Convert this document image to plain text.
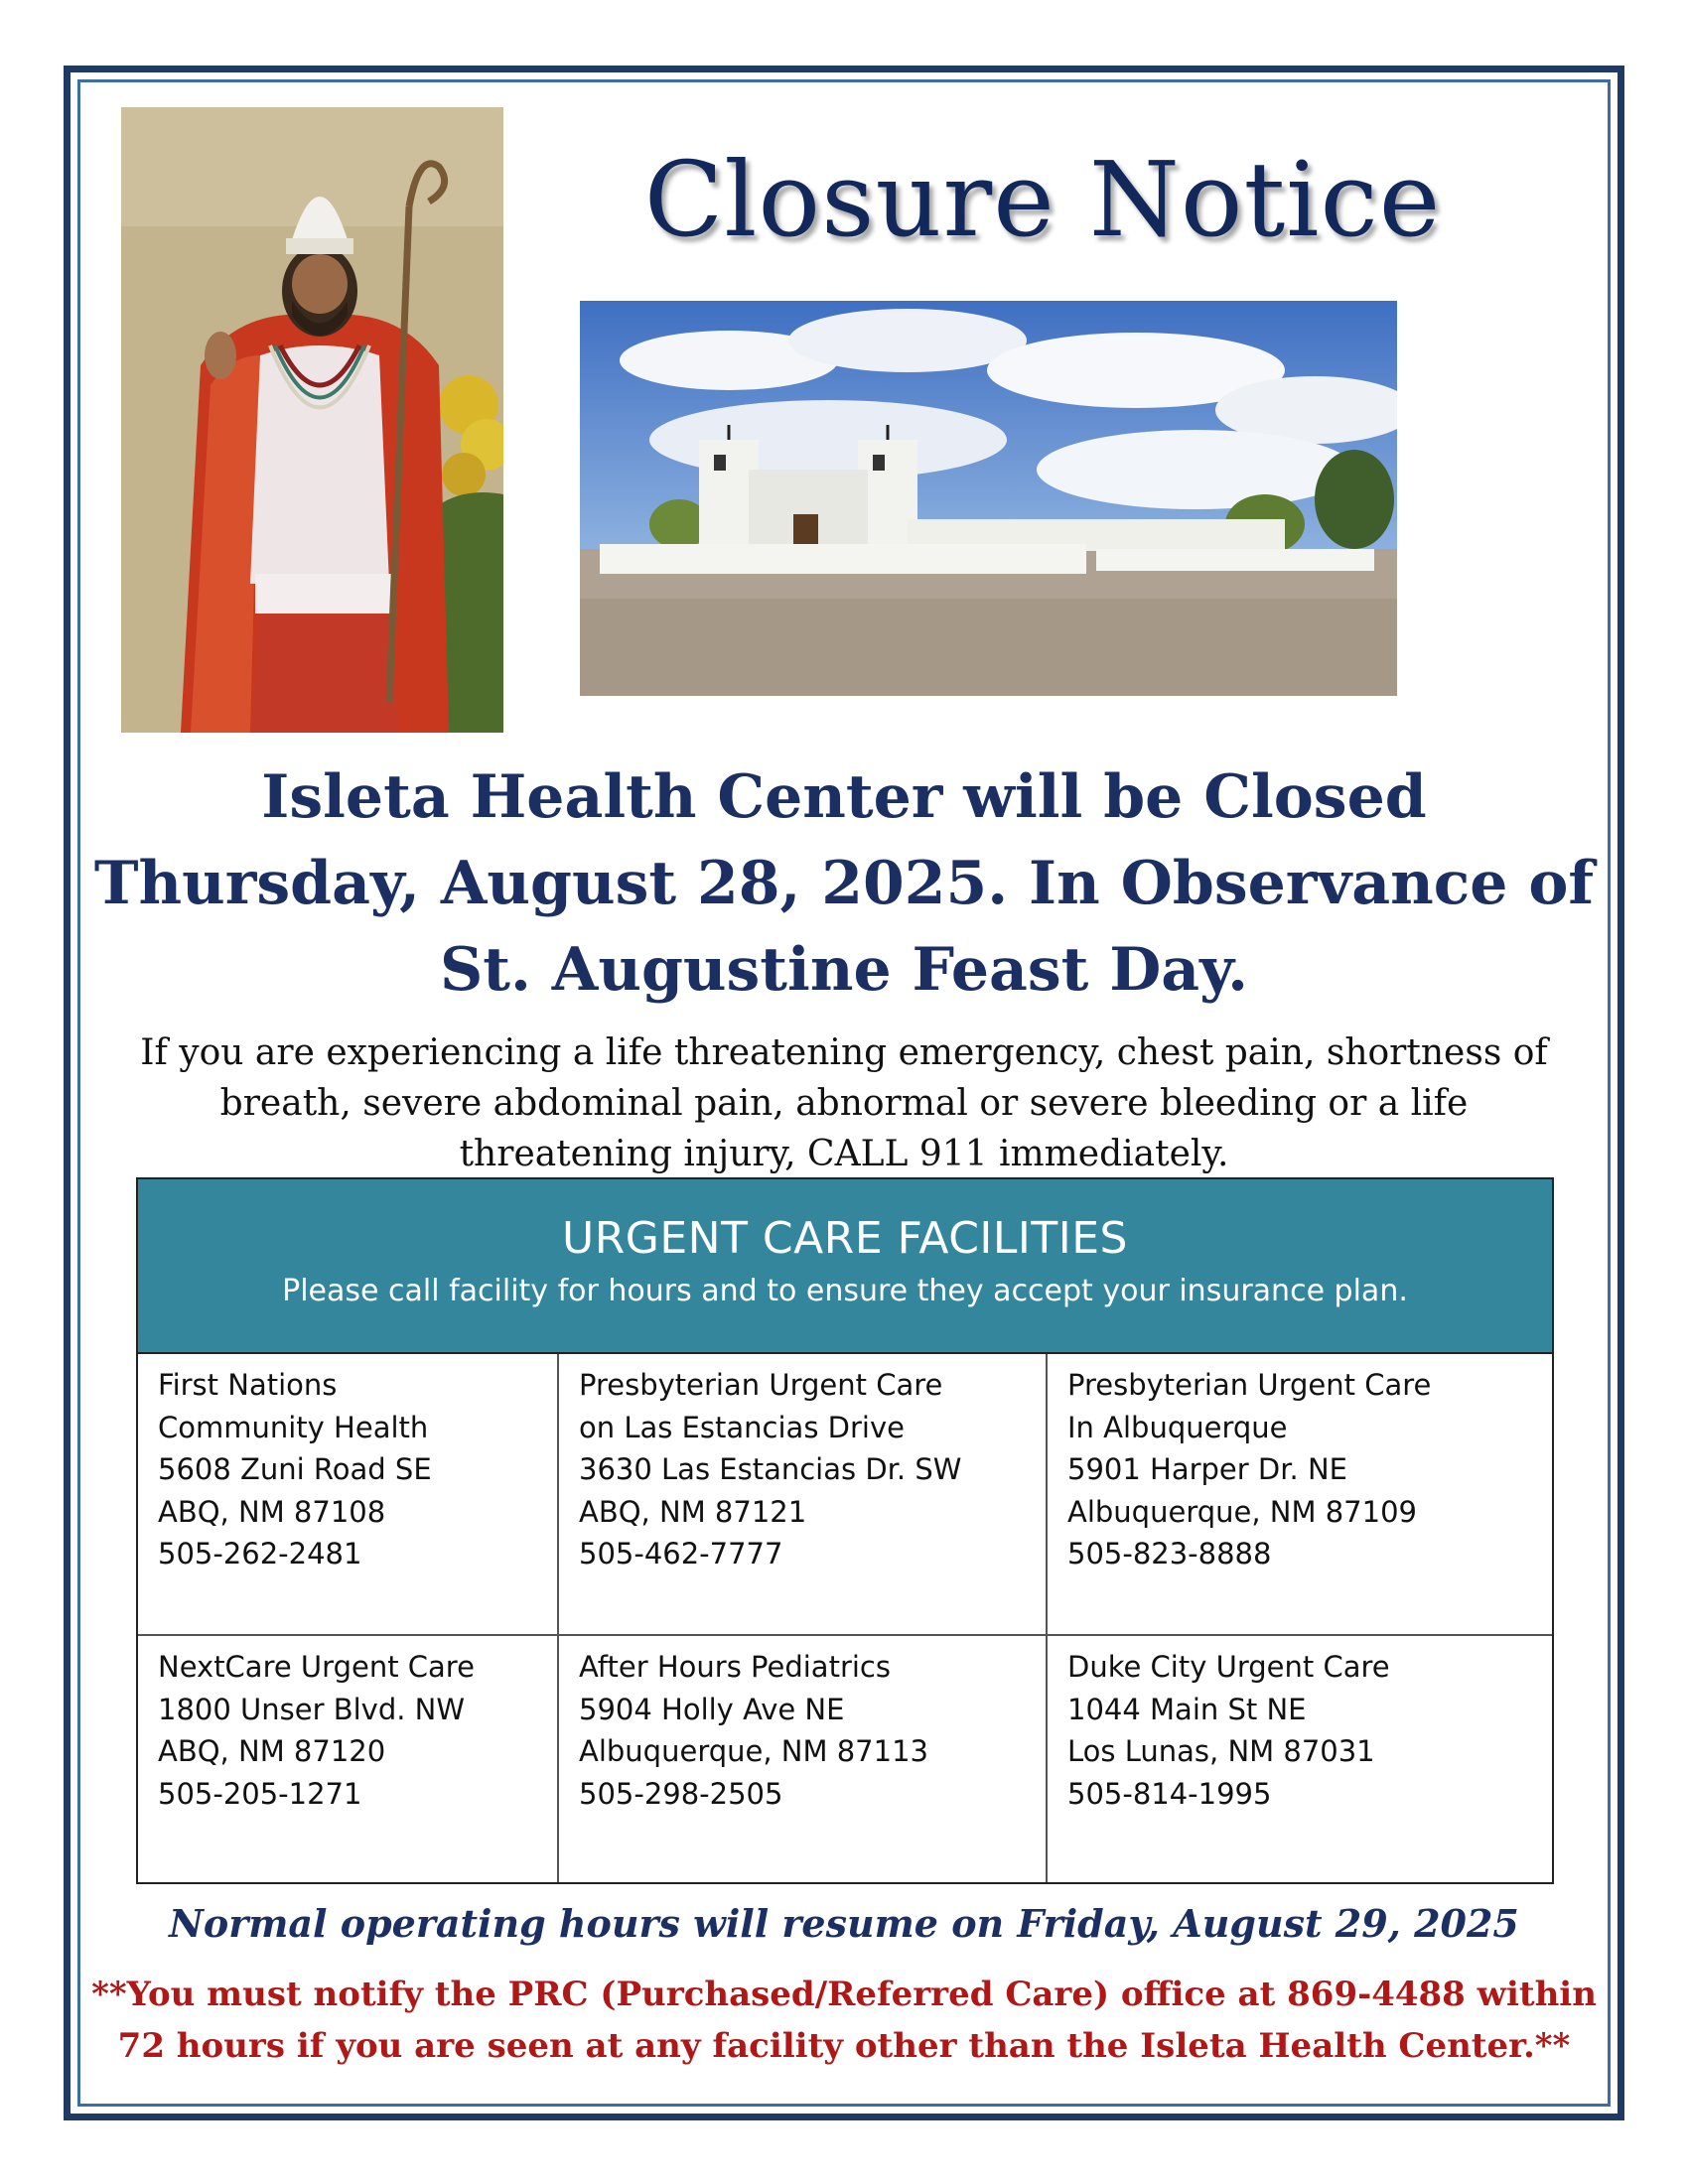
Closure Notice
Isleta Health Center will be Closed
Thursday, August 28, 2025. In Observance of
St. Augustine Feast Day.
If you are experiencing a life threatening emergency, chest pain, shortness of
breath, severe abdominal pain, abnormal or severe bleeding or a life
threatening injury, CALL 911 immediately.
URGENT CARE FACILITIES
Please call facility for hours and to ensure they accept your insurance plan.
First Nations
Community Health
5608 Zuni Road SE
ABQ, NM 87108
505-262-2481
Presbyterian Urgent Care
on Las Estancias Drive
3630 Las Estancias Dr. SW
ABQ, NM 87121
505-462-7777
Presbyterian Urgent Care
In Albuquerque
5901 Harper Dr. NE
Albuquerque, NM 87109
505-823-8888
NextCare Urgent Care
1800 Unser Blvd. NW
ABQ, NM 87120
505-205-1271
After Hours Pediatrics
5904 Holly Ave NE
Albuquerque, NM 87113
505-298-2505
Duke City Urgent Care
1044 Main St NE
Los Lunas, NM 87031
505-814-1995
Normal operating hours will resume on Friday, August 29, 2025
**You must notify the PRC (Purchased/Referred Care) office at 869-4488 within
72 hours if you are seen at any facility other than the Isleta Health Center.**
